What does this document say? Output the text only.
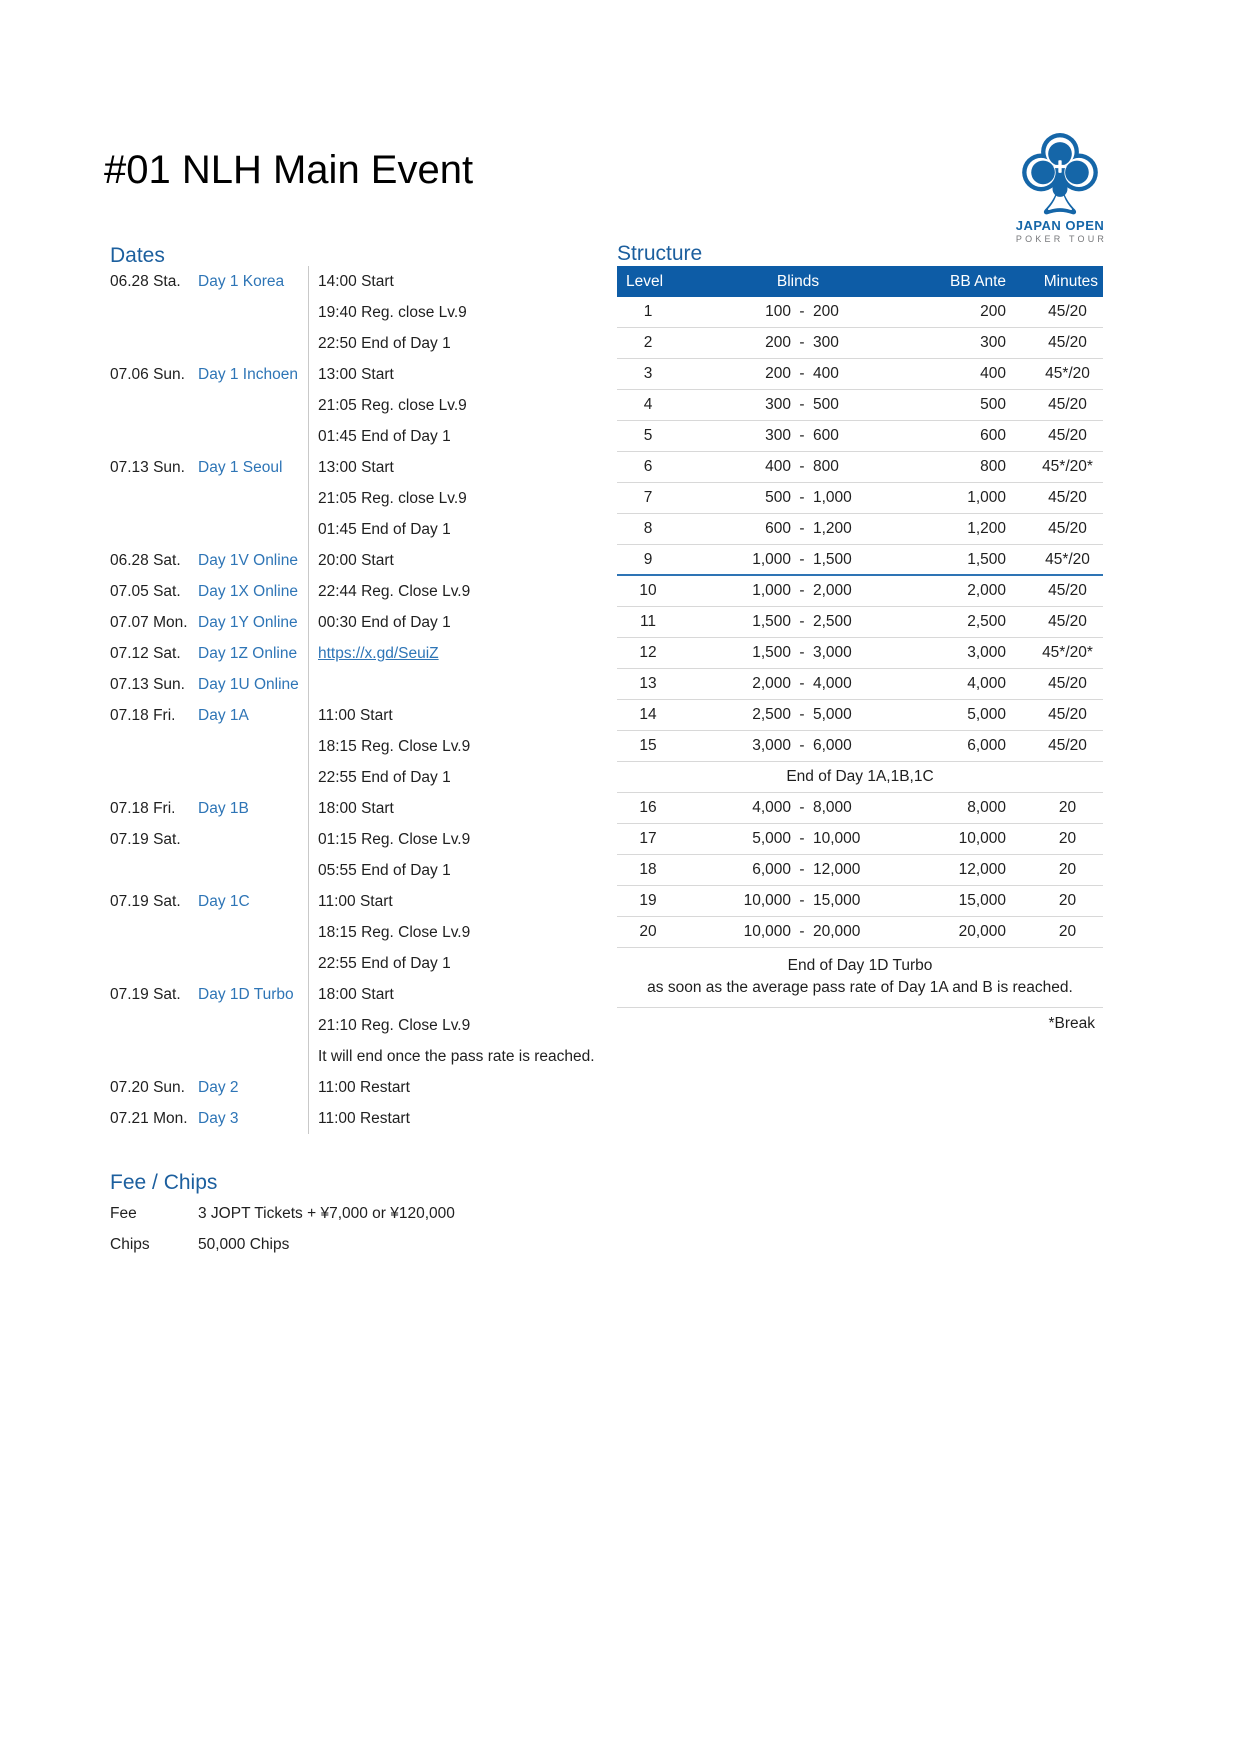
#01 NLH Main Event
JAPAN OPEN
POKER TOUR
Dates
06.28 Sta.	Day 1 Korea	14:00 Start
19:40 Reg. close Lv.9
22:50 End of Day 1
07.06 Sun. Day 1 Inchoen	13:00 Start
21:05 Reg. close Lv.9
01:45 End of Day 1
07.13 Sun. Day 1 Seoul	13:00 Start
21:05 Reg. close Lv.9
01:45 End of Day 1
06.28 Sat.	Day 1V Online	20:00 Start
07.05 Sat.	Day 1X Online	22:44 Reg. Close Lv.9
07.07 Mon. Day 1Y Online	00:30 End of Day 1
07.12 Sat.	Day 1Z Online	https://x.gd/SeuiZ
07.13 Sun. Day 1U Online
07.18 Fri.	Day 1A	11:00 Start
18:15 Reg. Close Lv.9
22:55 End of Day 1
07.18 Fri.	Day 1B	18:00 Start
07.19 Sat.	01:15 Reg. Close Lv.9
05:55 End of Day 1
07.19 Sat.	Day 1C	11:00 Start
18:15 Reg. Close Lv.9
22:55 End of Day 1
07.19 Sat.	Day 1D Turbo	18:00 Start
21:10 Reg. Close Lv.9
It will end once the pass rate is reached.
07.20 Sun. Day 2	11:00 Restart
07.21 Mon. Day 3	11:00 Restart
Structure
Level	Blinds	BB Ante	Minutes
1	100 - 200	200	45/20
2	200 - 300	300	45/20
3	200 - 400	400	45*/20
4	300 - 500	500	45/20
5	300 - 600	600	45/20
6	400 - 800	800	45*/20*
7	500 - 1,000	1,000	45/20
8	600 - 1,200	1,200	45/20
9	1,000 - 1,500	1,500	45*/20
10	1,000 - 2,000	2,000	45/20
11	1,500 - 2,500	2,500	45/20
12	1,500 - 3,000	3,000	45*/20*
13	2,000 - 4,000	4,000	45/20
14	2,500 - 5,000	5,000	45/20
15	3,000 - 6,000	6,000	45/20
End of Day 1A,1B,1C
16	4,000 - 8,000	8,000	20
17	5,000 - 10,000	10,000	20
18	6,000 - 12,000	12,000	20
19	10,000 - 15,000	15,000	20
20	10,000 - 20,000	20,000	20
End of Day 1D Turbo
as soon as the average pass rate of Day 1A and B is reached.
*Break
Fee / Chips
Fee	3 JOPT Tickets + ¥7,000 or ¥120,000
Chips	50,000 Chips
